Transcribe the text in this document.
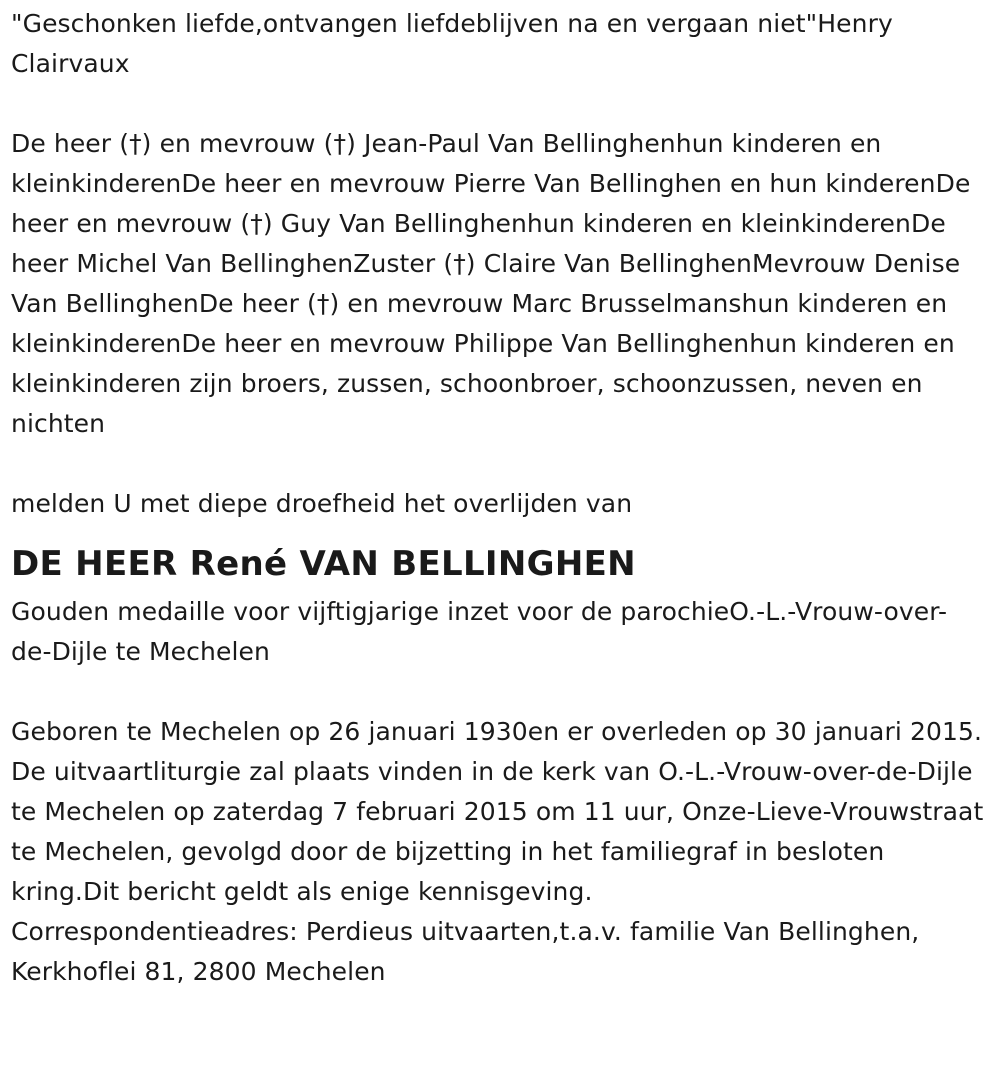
"Geschonken liefde,ontvangen liefdeblijven na en vergaan niet"Henry Clairvaux

De heer (†) en mevrouw (†) Jean-Paul Van Bellinghenhun kinderen en kleinkinderenDe heer en mevrouw Pierre Van Bellinghen en hun kinderenDe heer en mevrouw (†) Guy Van Bellinghenhun kinderen en kleinkinderenDe heer Michel Van BellinghenZuster (†) Claire Van BellinghenMevrouw Denise Van BellinghenDe heer (†) en mevrouw Marc Brusselmanshun kinderen en kleinkinderenDe heer en mevrouw Philippe Van Bellinghenhun kinderen en kleinkinderen zijn broers, zussen, schoonbroer, schoonzussen, neven en nichten

melden U met diepe droefheid het overlijden van

DE HEER René VAN BELLINGHEN

Gouden medaille voor vijftigjarige inzet voor de parochieO.-L.-Vrouw-over-de-Dijle te Mechelen

Geboren te Mechelen op 26 januari 1930en er overleden op 30 januari 2015.

De uitvaartliturgie zal plaats vinden in de kerk van O.-L.-Vrouw-over-de-Dijle te Mechelen op zaterdag 7 februari 2015 om 11 uur, Onze-Lieve-Vrouwstraat te Mechelen, gevolgd door de bijzetting in het familiegraf in besloten kring.Dit bericht geldt als enige kennisgeving.

Correspondentieadres: Perdieus uitvaarten,t.a.v. familie Van Bellinghen, Kerkhoflei 81, 2800 Mechelen
